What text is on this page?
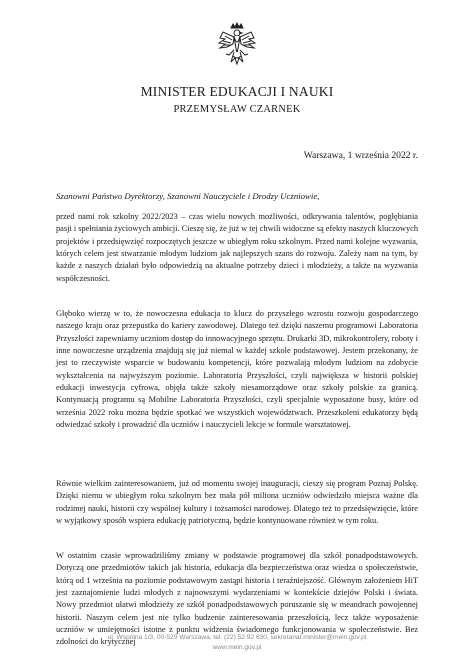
MINISTER EDUKACJI I NAUKI
PRZEMYSŁAW CZARNEK
Warszawa, 1 września 2022 r.
Szanowni Państwo Dyrektorzy, Szanowni Nauczyciele i Drodzy Uczniowie,

przed nami rok szkolny 2022/2023 – czas wielu nowych możliwości, odkrywania talentów, pogłębiania pasji i spełniania życiowych ambicji. Cieszę się, że już w tej chwili widoczne są efekty naszych kluczowych projektów i przedsięwzięć rozpoczętych jeszcze w ubiegłym roku szkolnym. Przed nami kolejne wyzwania, których celem jest stwarzanie młodym ludziom jak najlepszych szans do rozwoju. Zależy nam na tym, by każde z naszych działań było odpowiedzią na aktualne potrzeby dzieci i młodzieży, a także na wyzwania współczesności.

Głęboko wierzę w to, że nowoczesna edukacja to klucz do przyszłego wzrostu rozwoju gospodarczego naszego kraju oraz przepustka do kariery zawodowej. Dlatego też dzięki naszemu programowi Laboratoria Przyszłości zapewniamy uczniom dostęp do innowacyjnego sprzętu. Drukarki 3D, mikrokontrolery, roboty i inne nowoczesne urządzenia znajdują się już niemal w każdej szkole podstawowej. Jestem przekonany, że jest to rzeczywiste wsparcie w budowaniu kompetencji, które pozwalają młodym ludziom na zdobycie wykształcenia na najwyższym poziomie. Laboratoria Przyszłości, czyli największa w historii polskiej edukacji inwestycja cyfrowa, objęła także szkoły niesamorządowe oraz szkoły polskie za granicą. Kontynuacją programu są Mobilne Laboratoria Przyszłości, czyli specjalnie wyposażone busy, które od września 2022 roku można będzie spotkać we wszystkich województwach. Przeszkoleni edukatorzy będą odwiedzać szkoły i prowadzić dla uczniów i nauczycieli lekcje w formule warsztatowej.

Równie wielkim zainteresowaniem, już od momentu swojej inauguracji, cieszy się program Poznaj Polskę. Dzięki niemu w ubiegłym roku szkolnym bez mała pół miliona uczniów odwiedziło miejsca ważne dla rodzimej nauki, historii czy wspólnej kultury i tożsamości narodowej. Dlatego też to przedsięwzięcie, które w wyjątkowy sposób wspiera edukację patriotyczną, będzie kontynuowane również w tym roku.

W ostatnim czasie wprowadziliśmy zmiany w podstawie programowej dla szkół ponadpodstawowych. Dotyczą one przedmiotów takich jak historia, edukacja dla bezpieczeństwa oraz wiedza o społeczeństwie, którą od 1 września na poziomie podstawowym zastąpi historia i teraźniejszość. Głównym założeniem HiT jest zaznajomienie ludzi młodych z najnowszymi wydarzeniami w kontekście dziejów Polski i świata. Nowy przedmiot ułatwi młodzieży ze szkół ponadpodstawowych poruszanie się w meandrach powojennej historii. Naszym celem jest nie tylko budzenie zainteresowania przeszłością, lecz także wyposażenie uczniów w umiejętności istotne z punktu widzenia świadomego funkcjonowania w społeczeństwie. Bez zdolności do krytycznej

ul. Wspólna 1/3, 00-529 Warszawa, tel. (22) 52 92 630, sekretariat.minister@mein.gov.pl
www.mein.gov.pl
